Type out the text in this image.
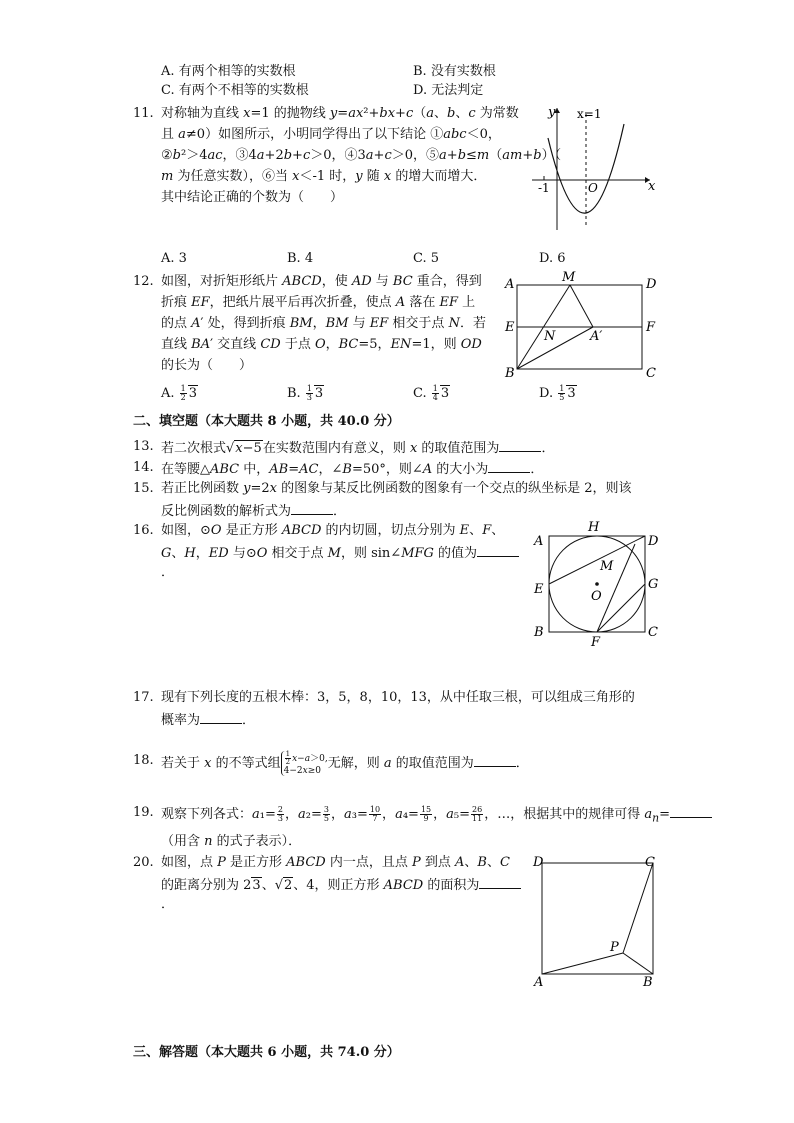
A. 有两个相等的实数根	B. 没有实数根
C. 有两个不相等的实数根	D. 无法判定
11. 对称轴为直线 x=1 的抛物线 y=ax²+bx+c（a、b、c 为常数
且 a≠0）如图所示，小明同学得出了以下结论 ①abc＜0，
②b²＞4ac，③4a+2b+c＞0，④3a+c＞0，⑤a+b≤m（am+b）（
m 为任意实数），⑥当 x＜-1 时，y 随 x 的增大而增大．
其中结论正确的个数为（　　）
A. 3	B. 4	C. 5	D. 6
y
x
x=1
-1	O
12. 如图，对折矩形纸片 ABCD，使 AD 与 BC 重合，得到
折痕 EF，把纸片展平后再次折叠，使点 A 落在 EF 上
的点 A′ 处，得到折痕 BM，BM 与 EF 相交于点 N．若
直线 BA′ 交直线 CD 于点 O，BC=5，EN=1，则 OD
的长为（　　）
A. $\frac{1}{2} 3$	B. $\frac{1}{3} 3$	C. $\frac{1}{4} 3$	D. $\frac{1}{5} 3$
A	M	D
E
N	A′
F
B	C
二、填空题（本大题共 8 小题，共 40.0 分）
13. 若二次根式√x−5在实数范围内有意义，则 x 的取值范围为	．
14. 在等腰△ABC 中，AB=AC，∠B=50°，则∠A 的大小为	．
15. 若正比例函数 y=2x 的图象与某反比例函数的图象有一个交点的纵坐标是 2，则该
反比例函数的解析式为	．
16. 如图，⊙O 是正方形 ABCD 的内切圆，切点分别为 E、F、
G、H，ED 与⊙O 相交于点 M，则 sin∠MFG 的值为
．
H
A	D
M
E	G
O
B	C
F
17. 现有下列长度的五根木棒：3，5，8，10，13，从中任取三根，可以组成三角形的
概率为	．
18. 若关于 x 的不等式组 $\frac{1}{2} x-a>0$,
4−2x≥0 无解，则 a 的取值范围为	．
19. 观察下列各式：$a_1= \frac{2}{3}$ ，$a_2= \frac{3}{5}$ ，$a_3= \frac{10}{7}$ ，$a_4= \frac{15}{9}$ ，$a_5= \frac{26}{11}$ ，…，根据其中的规律可得 $a_n=$
（用含 n 的式子表示）．
20. 如图，点 P 是正方形 ABCD 内一点，且点 P 到点 A、B、C
的距离分别为 23、√2、4，则正方形 ABCD 的面积为
．
D	C
P
A	B
三、解答题（本大题共 6 小题，共 74.0 分）
